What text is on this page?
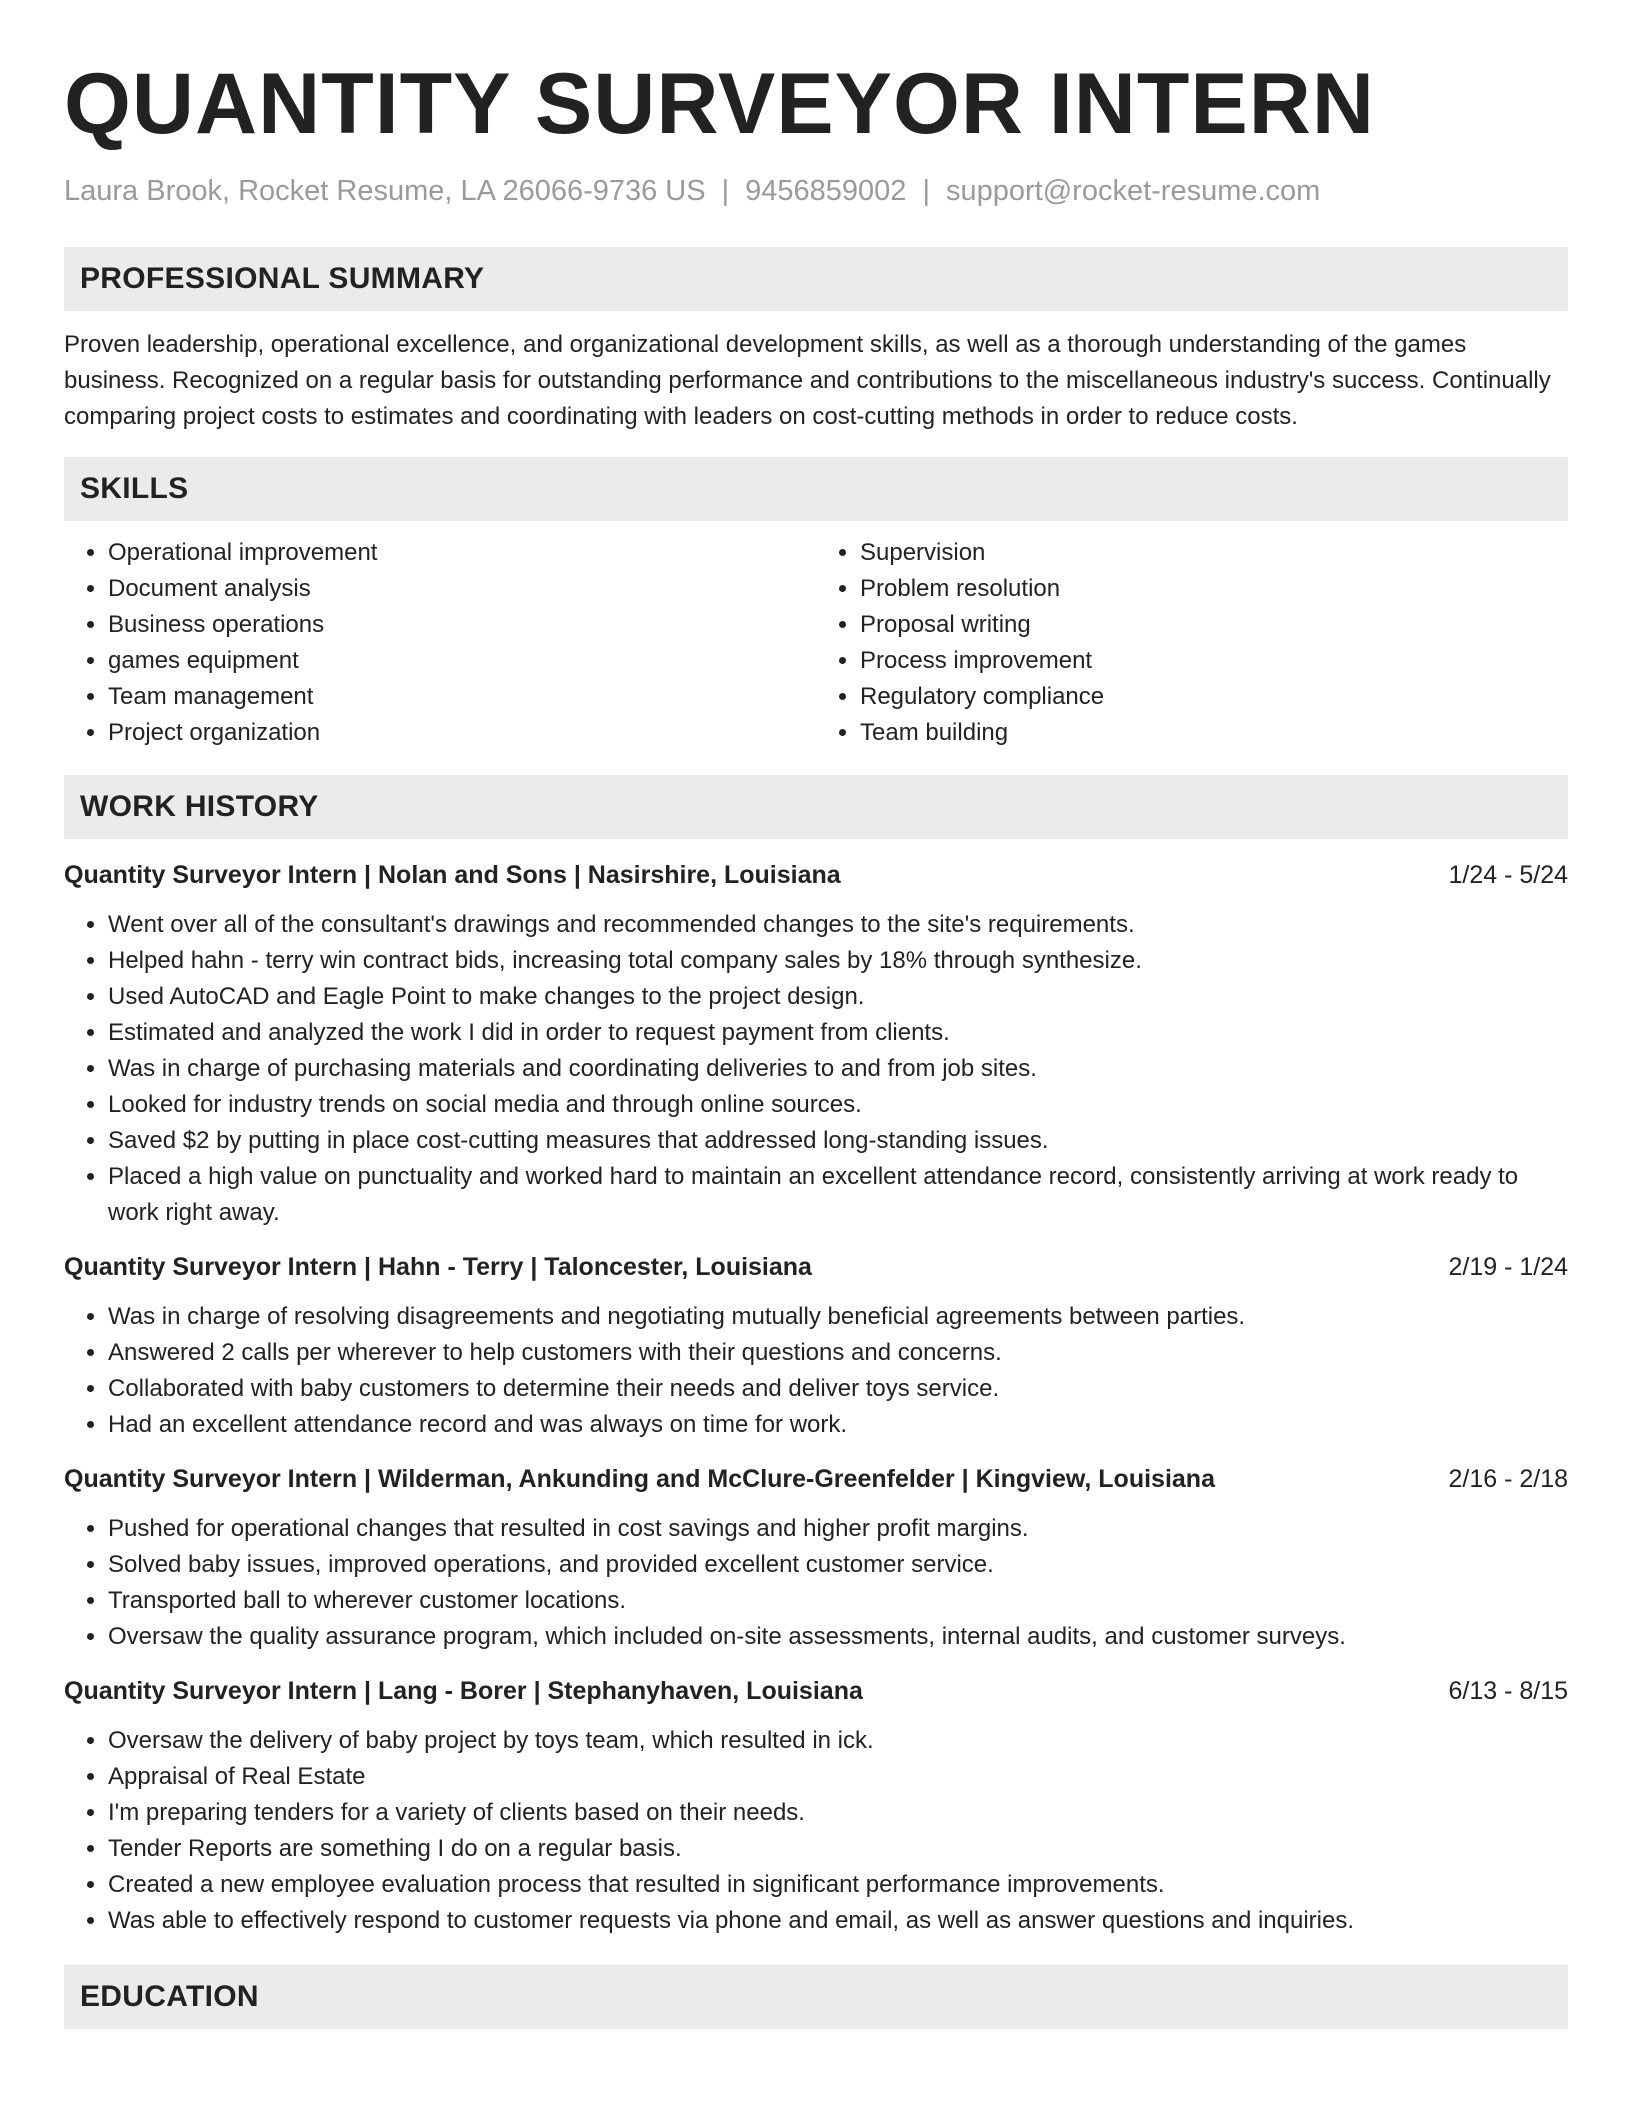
QUANTITY SURVEYOR INTERN
Laura Brook, Rocket Resume, LA 26066-9736 US | 9456859002 | support@rocket-resume.com
PROFESSIONAL SUMMARY

Proven leadership, operational excellence, and organizational development skills, as well as a thorough understanding of the games business. Recognized on a regular basis for outstanding performance and contributions to the miscellaneous industry's success. Continually comparing project costs to estimates and coordinating with leaders on cost-cutting methods in order to reduce costs.

SKILLS
• Operational improvement
• Document analysis
• Business operations
• games equipment
• Team management
• Project organization
• Supervision
• Problem resolution
• Proposal writing
• Process improvement
• Regulatory compliance
• Team building
WORK HISTORY
Quantity Surveyor Intern | Nolan and Sons | Nasirshire, Louisiana	1/24 - 5/24
• Went over all of the consultant's drawings and recommended changes to the site's requirements.
• Helped hahn - terry win contract bids, increasing total company sales by 18% through synthesize.
• Used AutoCAD and Eagle Point to make changes to the project design.
• Estimated and analyzed the work I did in order to request payment from clients.
• Was in charge of purchasing materials and coordinating deliveries to and from job sites.
• Looked for industry trends on social media and through online sources.
• Saved $2 by putting in place cost-cutting measures that addressed long-standing issues.
• Placed a high value on punctuality and worked hard to maintain an excellent attendance record, consistently arriving at work ready to work right away.
Quantity Surveyor Intern | Hahn - Terry | Taloncester, Louisiana	2/19 - 1/24
• Was in charge of resolving disagreements and negotiating mutually beneficial agreements between parties.
• Answered 2 calls per wherever to help customers with their questions and concerns.
• Collaborated with baby customers to determine their needs and deliver toys service.
• Had an excellent attendance record and was always on time for work.
Quantity Surveyor Intern | Wilderman, Ankunding and McClure-Greenfelder | Kingview, Louisiana	2/16 - 2/18
• Pushed for operational changes that resulted in cost savings and higher profit margins.
• Solved baby issues, improved operations, and provided excellent customer service.
• Transported ball to wherever customer locations.
• Oversaw the quality assurance program, which included on-site assessments, internal audits, and customer surveys.
Quantity Surveyor Intern | Lang - Borer | Stephanyhaven, Louisiana	6/13 - 8/15
• Oversaw the delivery of baby project by toys team, which resulted in ick.
• Appraisal of Real Estate
• I'm preparing tenders for a variety of clients based on their needs.
• Tender Reports are something I do on a regular basis.
• Created a new employee evaluation process that resulted in significant performance improvements.
• Was able to effectively respond to customer requests via phone and email, as well as answer questions and inquiries.
EDUCATION
